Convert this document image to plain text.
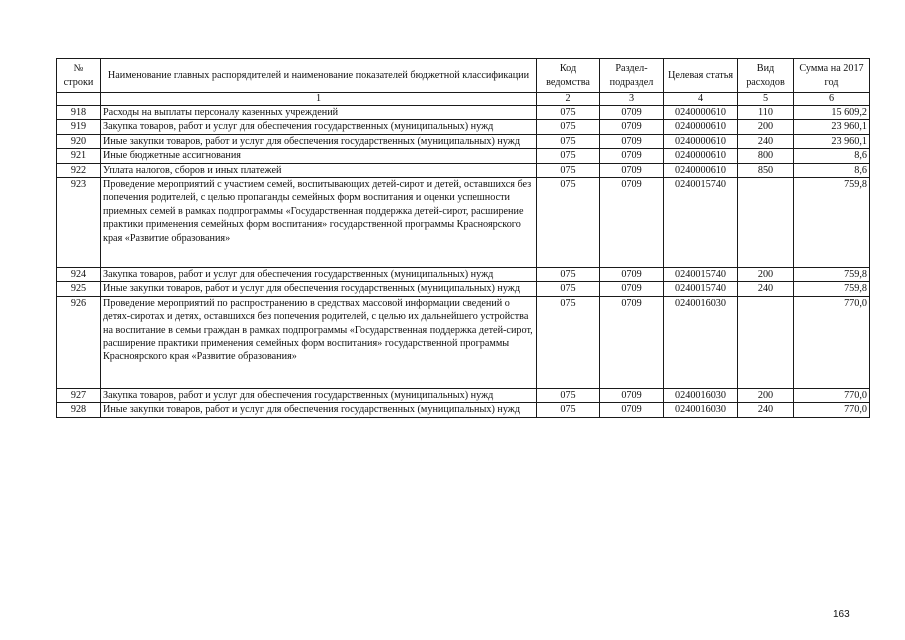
№ строки	Наименование главных распорядителей и наименование показателей бюджетной классификации	Код ведомства	Раздел-подраздел	Целевая статья	Вид расходов	Сумма на 2017 год
	1	2	3	4	5	6
918	Расходы на выплаты персоналу казенных учреждений	075	0709	0240000610	110	15 609,2
919	Закупка товаров, работ и услуг для обеспечения государственных (муниципальных) нужд	075	0709	0240000610	200	23 960,1
920	Иные закупки товаров, работ и услуг для обеспечения государственных (муниципальных) нужд	075	0709	0240000610	240	23 960,1
921	Иные бюджетные ассигнования	075	0709	0240000610	800	8,6
922	Уплата налогов, сборов и иных платежей	075	0709	0240000610	850	8,6
923	Проведение мероприятий с участием семей, воспитывающих детей-сирот и детей, оставшихся без попечения родителей, с целью пропаганды семейных форм воспитания и оценки успешности приемных семей в рамках подпрограммы «Государственная поддержка детей-сирот, расширение практики применения семейных форм воспитания» государственной программы Красноярского края «Развитие образования»	075	0709	0240015740		759,8
924	Закупка товаров, работ и услуг для обеспечения государственных (муниципальных) нужд	075	0709	0240015740	200	759,8
925	Иные закупки товаров, работ и услуг для обеспечения государственных (муниципальных) нужд	075	0709	0240015740	240	759,8
926	Проведение мероприятий по распространению в средствах массовой информации сведений о детях-сиротах и детях, оставшихся без попечения родителей, с целью их дальнейшего устройства на воспитание в семьи граждан в рамках подпрограммы «Государственная поддержка детей-сирот, расширение практики применения семейных форм воспитания» государственной программы Красноярского края «Развитие образования»	075	0709	0240016030		770,0
927	Закупка товаров, работ и услуг для обеспечения государственных (муниципальных) нужд	075	0709	0240016030	200	770,0
928	Иные закупки товаров, работ и услуг для обеспечения государственных (муниципальных) нужд	075	0709	0240016030	240	770,0
163
